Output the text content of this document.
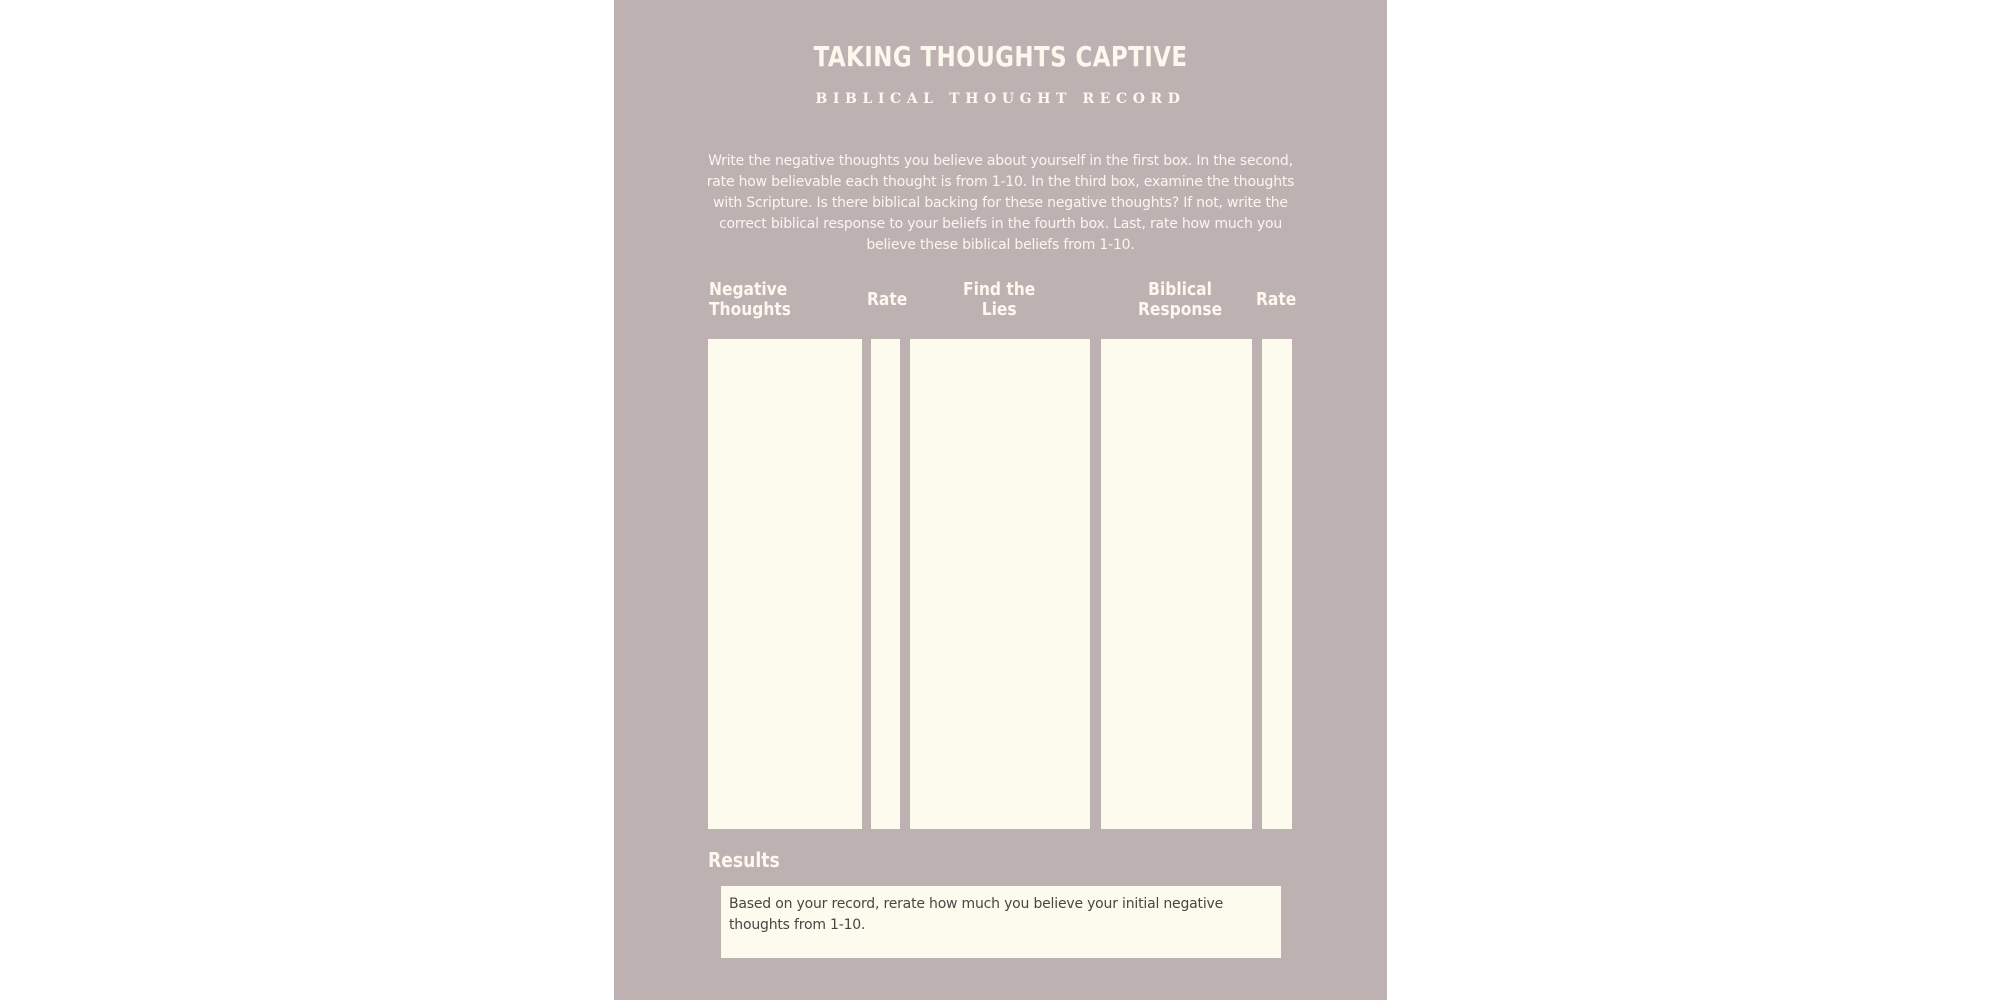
TAKING THOUGHTS CAPTIVE
BIBLICAL THOUGHT RECORD

Write the negative thoughts you believe about yourself in the first box. In the second, rate how believable each thought is from 1-10. In the third box, examine the thoughts with Scripture. Is there biblical backing for these negative thoughts? If not, write the correct biblical response to your beliefs in the fourth box. Last, rate how much you believe these biblical beliefs from 1-10.

Negative
Thoughts	Rate	Find the
Lies
Biblical
Response Rate
Results

Based on your record, rerate how much you believe your initial negative thoughts from 1-10.
